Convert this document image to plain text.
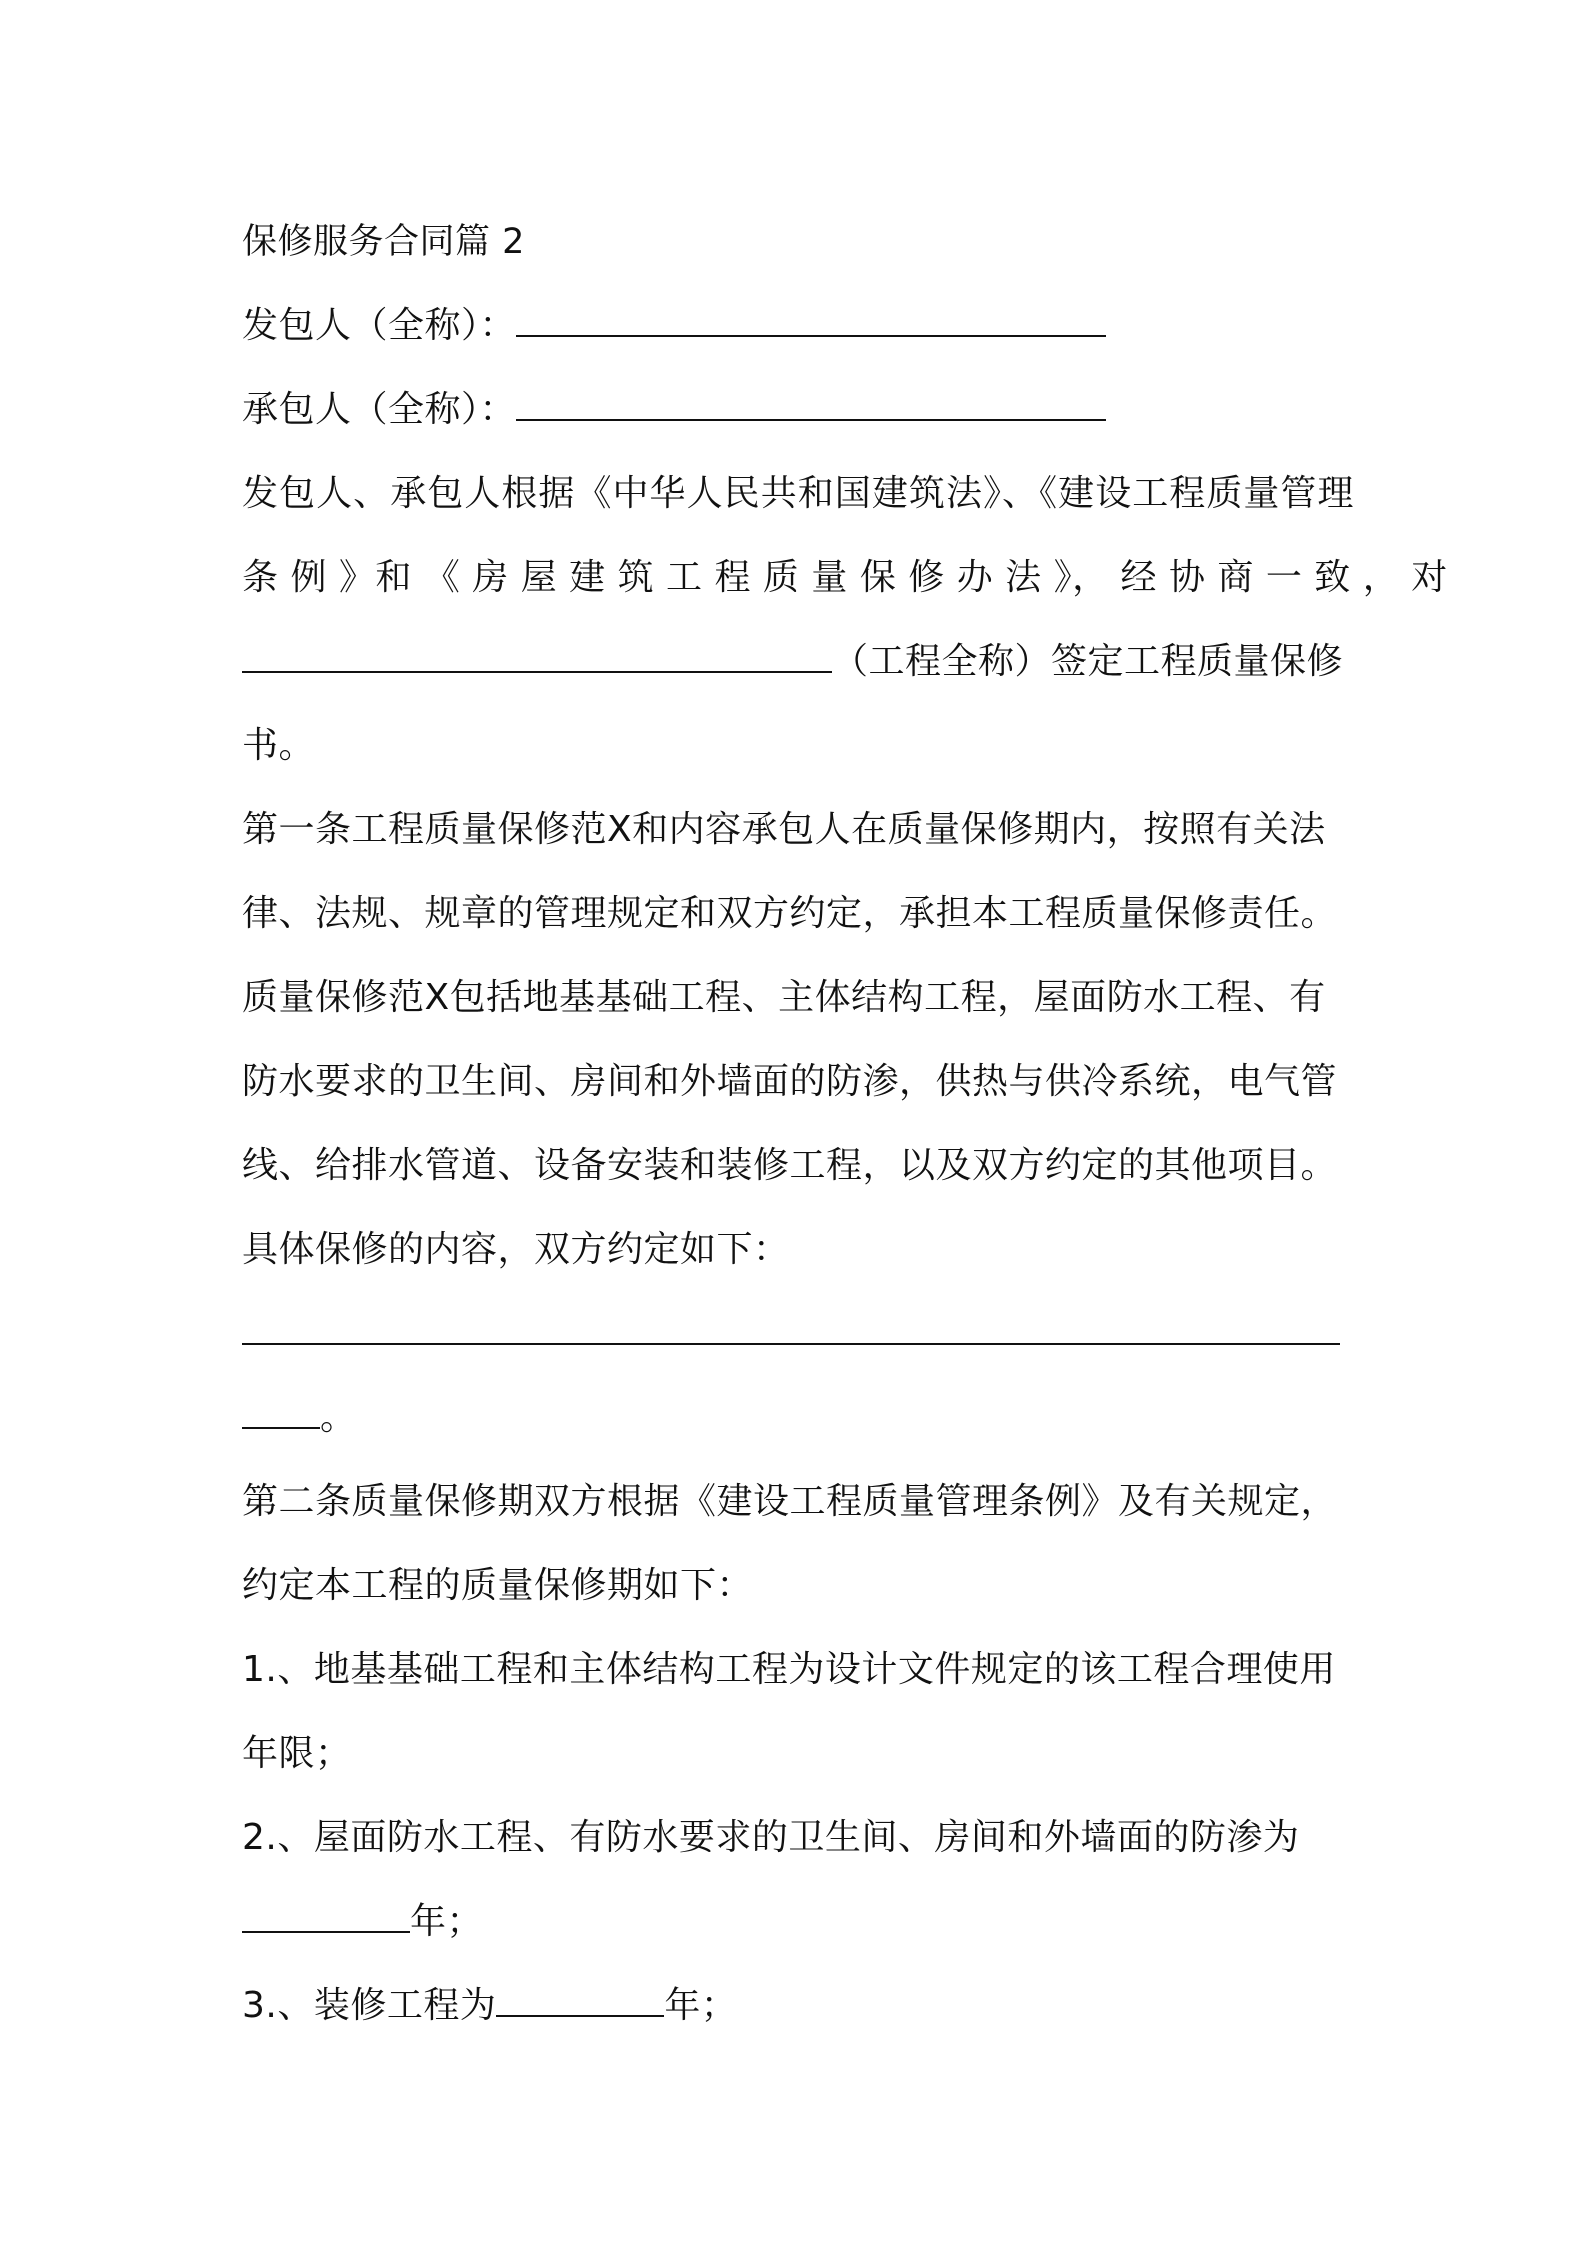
保修服务合同篇 2
发包人（全称）：
承包人（全称）：
发包人、承包人根据《中华人民共和国建筑法》、《建设工程质量管理
条 例 》和 《 房 屋 建 筑 工 程 质 量 保 修 办 法 》， 经 协 商 一 致 ， 对
（工程全称）签定工程质量保修
书。
第一条工程质量保修范X和内容承包人在质量保修期内，按照有关法
律、法规、规章的管理规定和双方约定，承担本工程质量保修责任。
质量保修范X包括地基基础工程、主体结构工程，屋面防水工程、有
防水要求的卫生间、房间和外墙面的防渗，供热与供冷系统，电气管
线、给排水管道、设备安装和装修工程，以及双方约定的其他项目。
具体保修的内容，双方约定如下：
。
第二条质量保修期双方根据《建设工程质量管理条例》及有关规定，
约定本工程的质量保修期如下：
1.、地基基础工程和主体结构工程为设计文件规定的该工程合理使用
年限；
2.、屋面防水工程、有防水要求的卫生间、房间和外墙面的防渗为
年；
3.、装修工程为	年；
